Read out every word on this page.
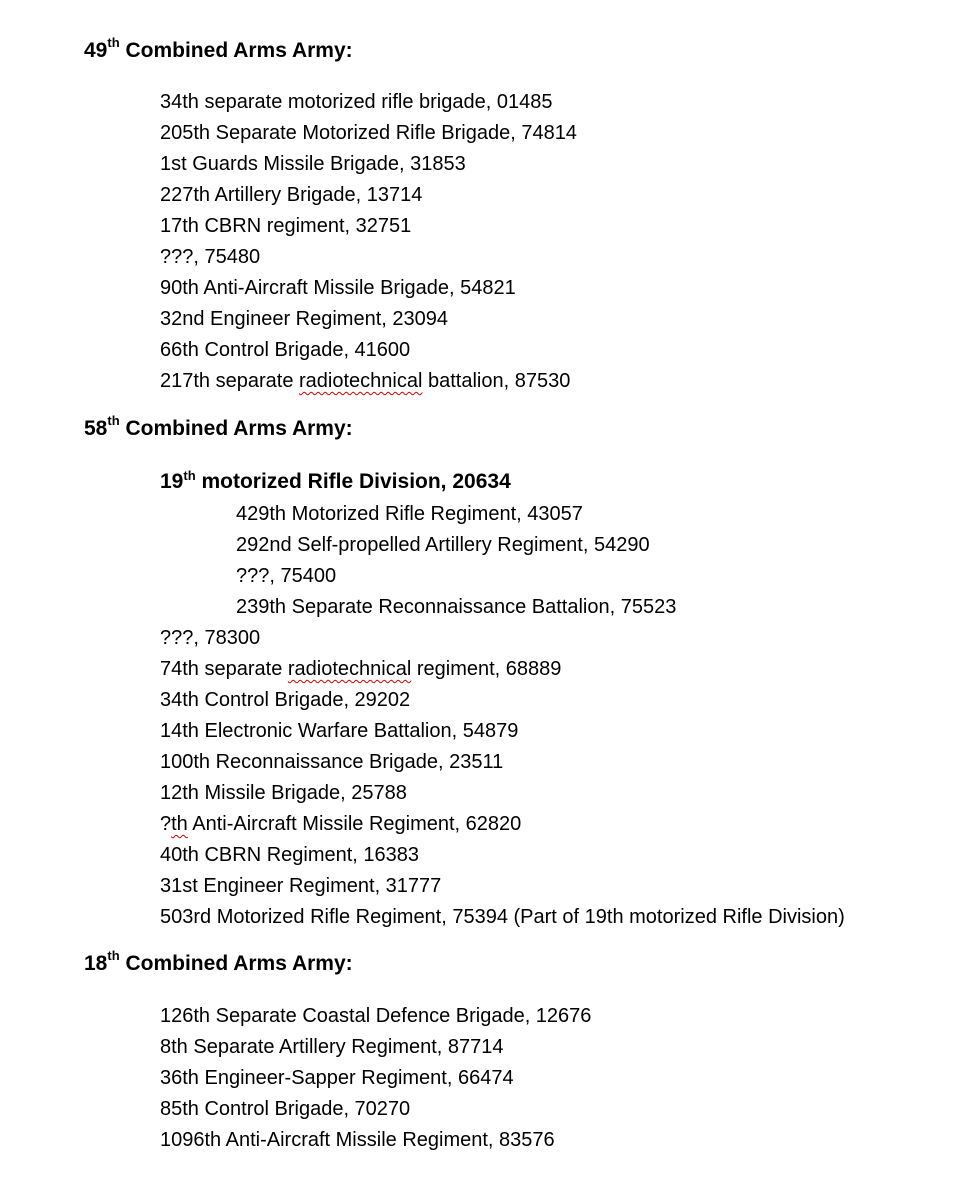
49th Combined Arms Army:
34th separate motorized rifle brigade, 01485
205th Separate Motorized Rifle Brigade, 74814
1st Guards Missile Brigade, 31853
227th Artillery Brigade, 13714
17th CBRN regiment, 32751
???, 75480
90th Anti-Aircraft Missile Brigade, 54821
32nd Engineer Regiment, 23094
66th Control Brigade, 41600
217th separate radiotechnical battalion, 87530
58th Combined Arms Army:
19th motorized Rifle Division, 20634
429th Motorized Rifle Regiment, 43057
292nd Self-propelled Artillery Regiment, 54290
???, 75400
239th Separate Reconnaissance Battalion, 75523
???, 78300
74th separate radiotechnical regiment, 68889
34th Control Brigade, 29202
14th Electronic Warfare Battalion, 54879
100th Reconnaissance Brigade, 23511
12th Missile Brigade, 25788
?th Anti-Aircraft Missile Regiment, 62820
40th CBRN Regiment, 16383
31st Engineer Regiment, 31777
503rd Motorized Rifle Regiment, 75394 (Part of 19th motorized Rifle Division)
18th Combined Arms Army:
126th Separate Coastal Defence Brigade, 12676
8th Separate Artillery Regiment, 87714
36th Engineer-Sapper Regiment, 66474
85th Control Brigade, 70270
1096th Anti-Aircraft Missile Regiment, 83576
